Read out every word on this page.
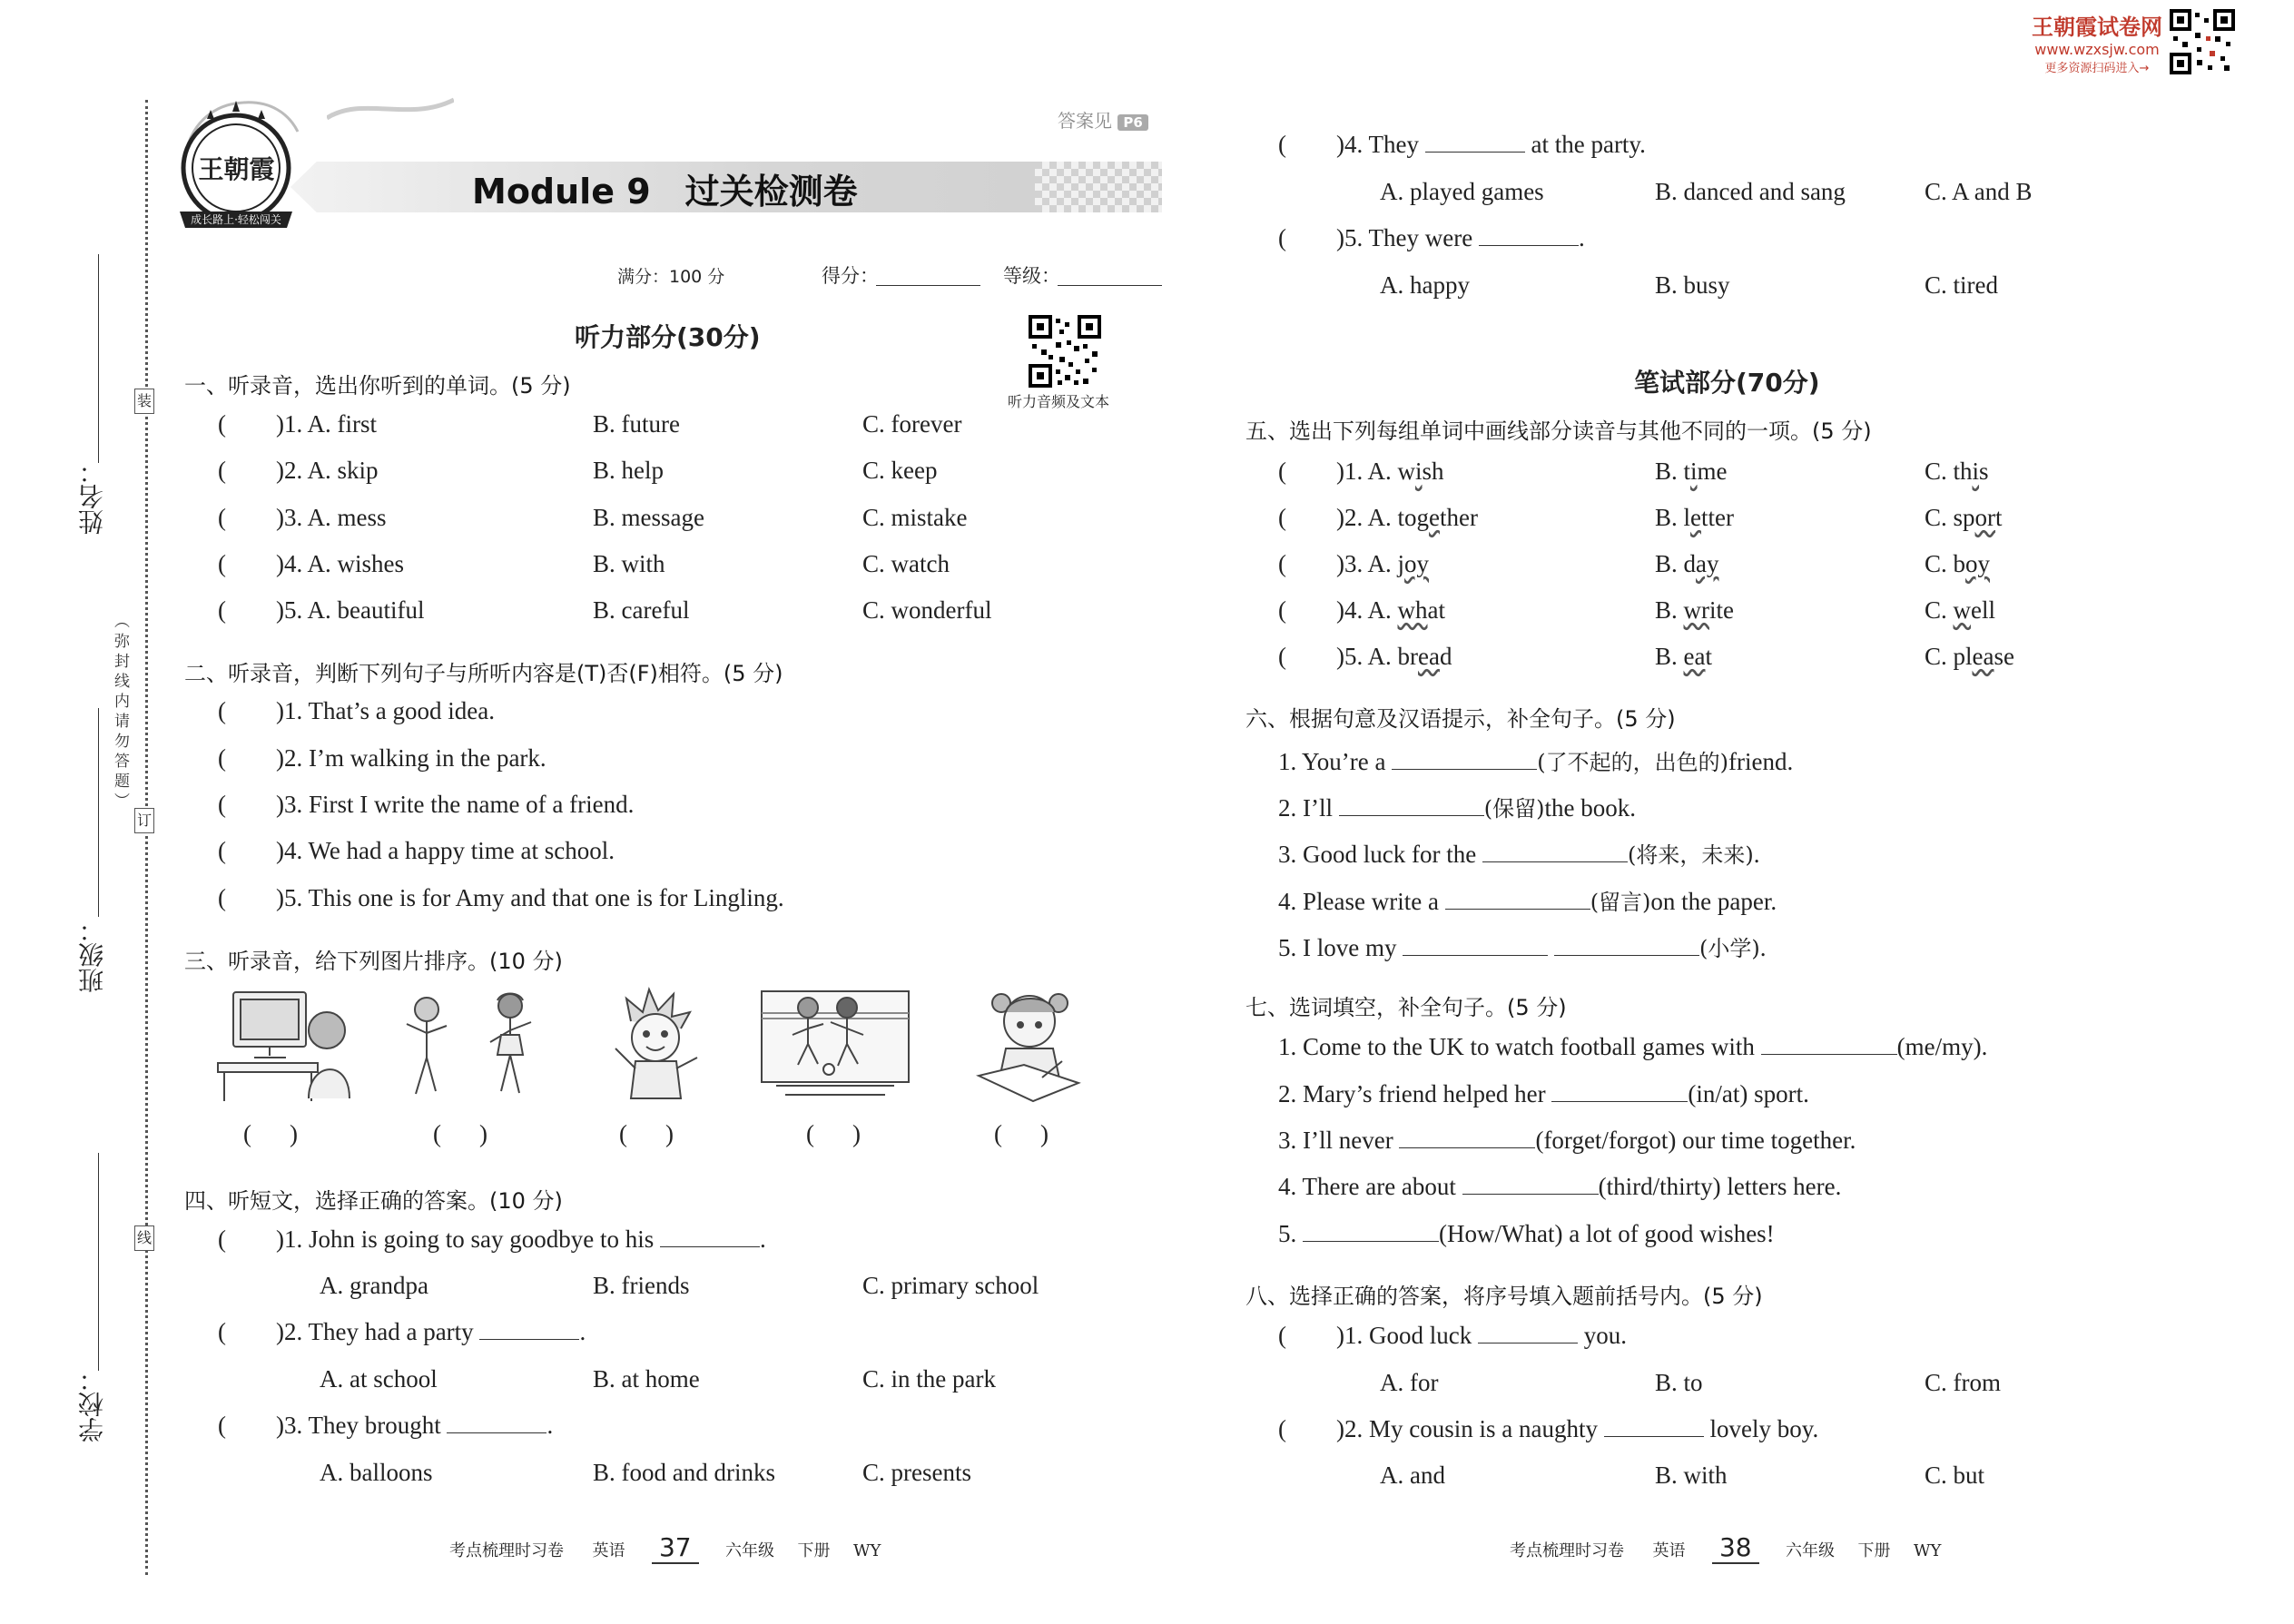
姓名：
班级：
学校：
装
订
线
（弥封线内请勿答题）
成长路上·轻松闯关
王朝霞
Module 9　过关检测卷
答案见 P6
满分：100 分	得分：	等级：
听力音频及文本
听力部分(30分)
一、听录音，选出你听到的单词。(5 分)
( )1. A. first	B. future	C. forever
( )2. A. skip	B. help	C. keep
( )3. A. mess	B. message	C. mistake
( )4. A. wishes	B. with	C. watch
( )5. A. beautiful	B. careful	C. wonderful
二、听录音，判断下列句子与所听内容是(T)否(F)相符。(5 分)
( )1. That’s a good idea.
( )2. I’m walking in the park.
( )3. First I write the name of a friend.
( )4. We had a happy time at school.
( )5. This one is for Amy and that one is for Lingling.
三、听录音，给下列图片排序。(10 分)
( )	( )	( )	( )	( )
四、听短文，选择正确的答案。(10 分)
( )1. John is going to say goodbye to his	.
A. grandpa	B. friends	C. primary school
( )2. They had a party	.
A. at school	B. at home	C. in the park
( )3. They brought	.
A. balloons	B. food and drinks	C. presents
考点梳理时习卷 英语 37 六年级 下册 WY
王朝霞试卷网
www.wzxsjw.com
更多资源扫码进入→
( )4. They	at the party.
A. played games	B. danced and sang	C. A and B
( )5. They were	.
A. happy	B. busy	C. tired
笔试部分(70分)
五、选出下列每组单词中画线部分读音与其他不同的一项。(5 分)
( )1. A. wish	B. time	C. this
( )2. A. together	B. letter	C. sport
( )3. A. joy	B. day	C. boy
( )4. A. what	B. write	C. well
( )5. A. bread	B. eat	C. please
六、根据句意及汉语提示，补全句子。(5 分)
1. You’re a	(了不起的，出色的)friend.
2. I’ll	(保留)the book.
3. Good luck for the	(将来，未来).
4. Please write a	(留言)on the paper.
5. I love my	(小学).
七、选词填空，补全句子。(5 分)
1. Come to the UK to watch football games with	(me/my).
2. Mary’s friend helped her	(in/at) sport.
3. I’ll never	(forget/forgot) our time together.
4. There are about	(third/thirty) letters here.
5.	(How/What) a lot of good wishes!
八、选择正确的答案，将序号填入题前括号内。(5 分)
( )1. Good luck	you.
A. for	B. to	C. from
( )2. My cousin is a naughty	lovely boy.
A. and	B. with	C. but
考点梳理时习卷 英语 38 六年级 下册 WY
